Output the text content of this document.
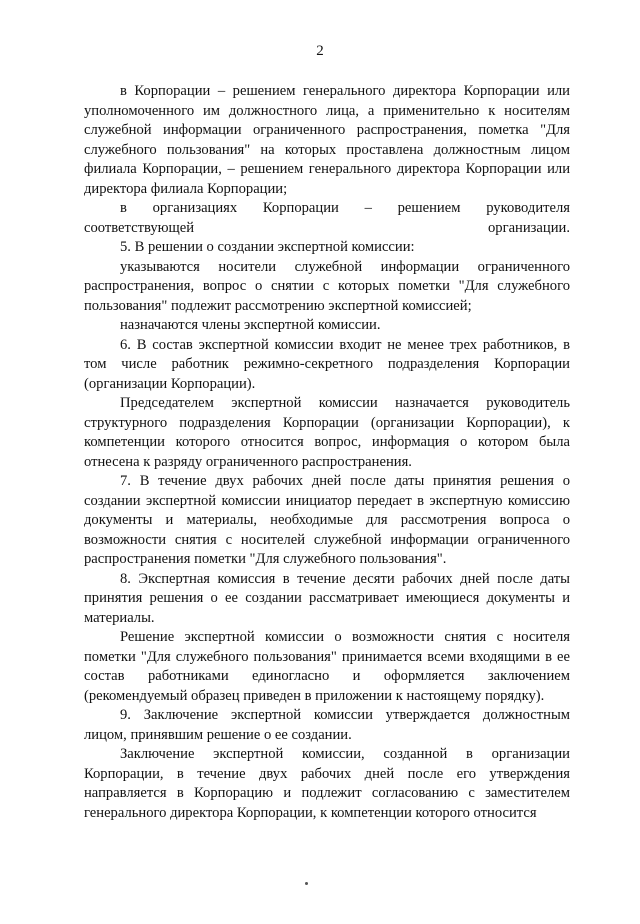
2

в Корпорации – решением генерального директора Корпорации или уполномоченного им должностного лица, а применительно к носителям служебной информации ограниченного распространения, пометка "Для служебного пользования" на которых проставлена должностным лицом филиала Корпорации, – решением генерального директора Корпорации или директора филиала Корпорации;

в организациях Корпорации – решением руководителя соответствующей организации.

5. В решении о создании экспертной комиссии:

указываются носители служебной информации ограниченного распространения, вопрос о снятии с которых пометки "Для служебного пользования" подлежит рассмотрению экспертной комиссией;

назначаются члены экспертной комиссии.

6. В состав экспертной комиссии входит не менее трех работников, в том числе работник режимно-секретного подразделения Корпорации (организации Корпорации).

Председателем экспертной комиссии назначается руководитель структурного подразделения Корпорации (организации Корпорации), к компетенции которого относится вопрос, информация о котором была отнесена к разряду ограниченного распространения.

7. В течение двух рабочих дней после даты принятия решения о создании экспертной комиссии инициатор передает в экспертную комиссию документы и материалы, необходимые для рассмотрения вопроса о возможности снятия с носителей служебной информации ограниченного распространения пометки "Для служебного пользования".

8. Экспертная комиссия в течение десяти рабочих дней после даты принятия решения о ее создании рассматривает имеющиеся документы и материалы.

Решение экспертной комиссии о возможности снятия с носителя пометки "Для служебного пользования" принимается всеми входящими в ее состав работниками единогласно и оформляется заключением (рекомендуемый образец приведен в приложении к настоящему порядку).

9. Заключение экспертной комиссии утверждается должностным лицом, принявшим решение о ее создании.

Заключение экспертной комиссии, созданной в организации Корпорации, в течение двух рабочих дней после его утверждения направляется в Корпорацию и подлежит согласованию с заместителем генерального директора Корпорации, к компетенции которого относится
